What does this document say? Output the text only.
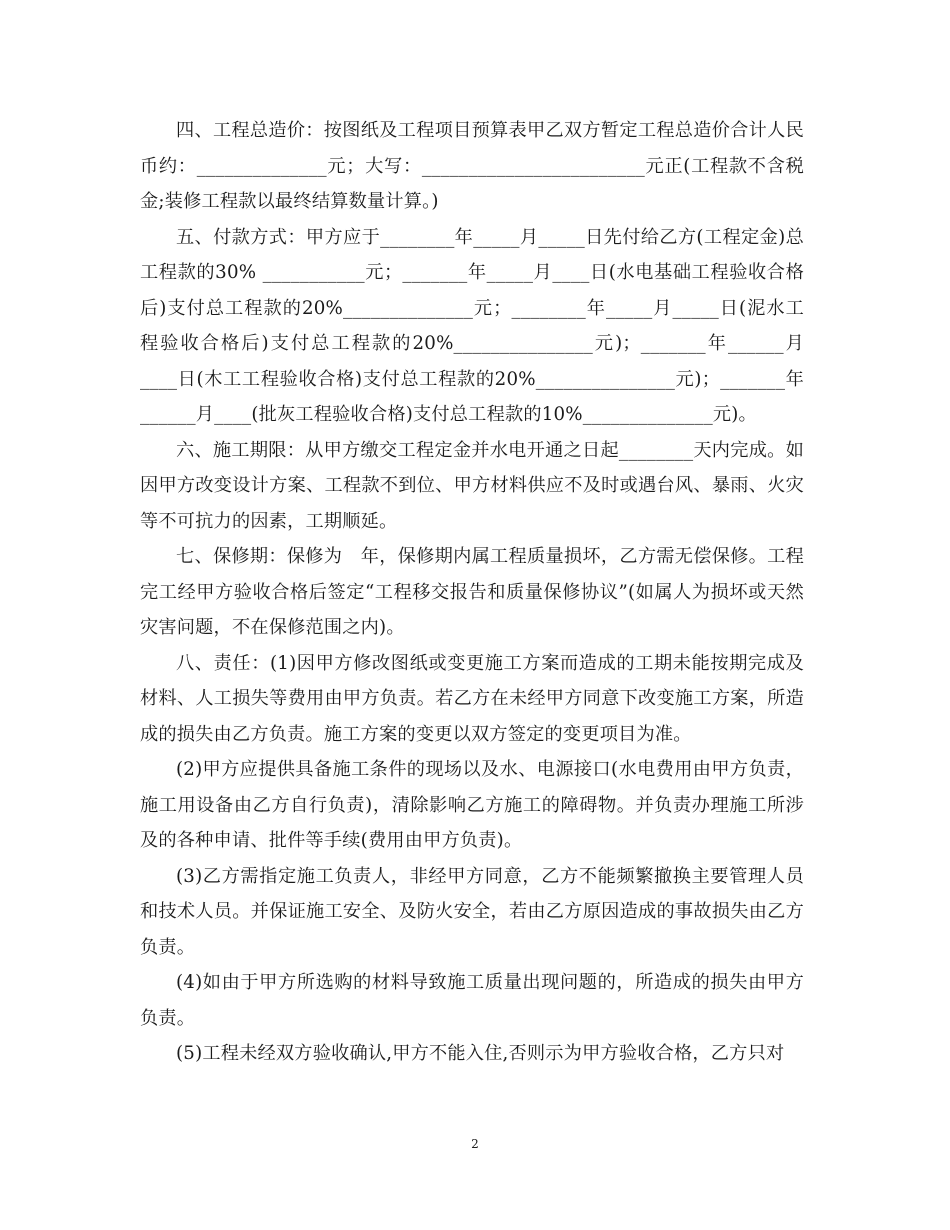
四、工程总造价：按图纸及工程项目预算表甲乙双方暂定工程总造价合计人民币约：______________元；大写：________________________元正(工程款不含税金;装修工程款以最终结算数量计算。)

五、付款方式：甲方应于________年_____月_____日先付给乙方(工程定金)总工程款的30% ___________元；_______年_____月____日(水电基础工程验收合格后)支付总工程款的20%______________元；________年_____月_____日(泥水工程验收合格后)支付总工程款的20%_______________元)；_______年______月____日(木工工程验收合格)支付总工程款的20%_______________元)；_______年______月____(批灰工程验收合格)支付总工程款的10%______________元)。

六、施工期限：从甲方缴交工程定金并水电开通之日起________天内完成。如因甲方改变设计方案、工程款不到位、甲方材料供应不及时或遇台风、暴雨、火灾等不可抗力的因素，工期顺延。

七、保修期：保修为　年，保修期内属工程质量损坏，乙方需无偿保修。工程完工经甲方验收合格后签定“工程移交报告和质量保修协议”(如属人为损坏或天然灾害问题，不在保修范围之内)。

八、责任：(1)因甲方修改图纸或变更施工方案而造成的工期未能按期完成及材料、人工损失等费用由甲方负责。若乙方在未经甲方同意下改变施工方案，所造成的损失由乙方负责。施工方案的变更以双方签定的变更项目为准。

(2)甲方应提供具备施工条件的现场以及水、电源接口(水电费用由甲方负责，施工用设备由乙方自行负责)，清除影响乙方施工的障碍物。并负责办理施工所涉及的各种申请、批件等手续(费用由甲方负责)。

(3)乙方需指定施工负责人，非经甲方同意，乙方不能频繁撤换主要管理人员和技术人员。并保证施工安全、及防火安全，若由乙方原因造成的事故损失由乙方负责。

(4)如由于甲方所选购的材料导致施工质量出现问题的，所造成的损失由甲方负责。

(5)工程未经双方验收确认,甲方不能入住,否则示为甲方验收合格，乙方只对

2
